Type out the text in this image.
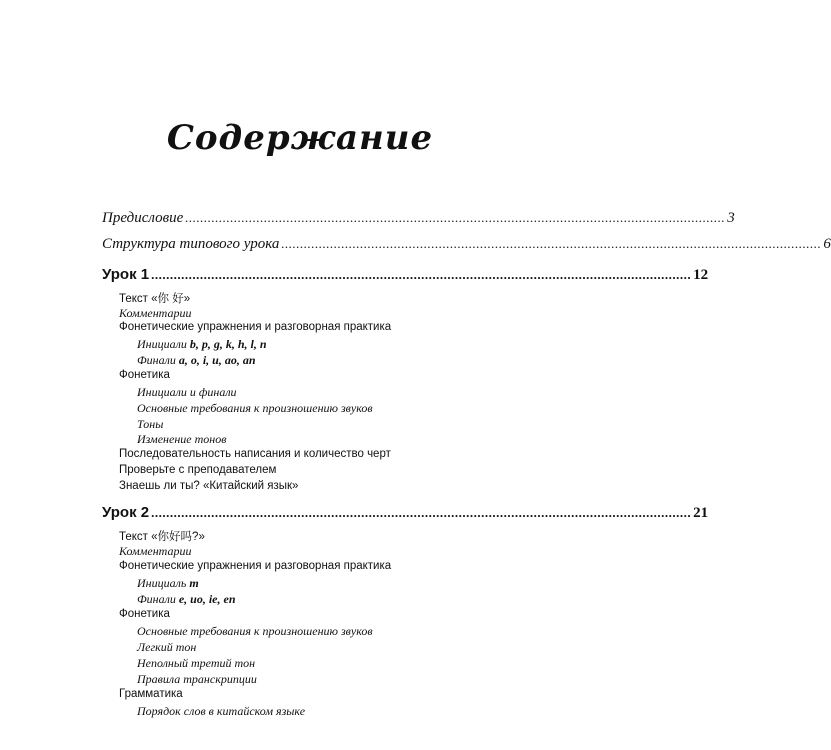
Содержание
Предисловие ................................................................................................................................................ 3
Структура типового урока ................................................................................................................................................ 6
Урок 1 ................................................................................................................................................ 12
Текст «你 好»
Комментарии
Фонетические упражнения и разговорная практика
Инициали b, p, g, k, h, l, n
Финали a, o, i, u, ao, an
Фонетика
Инициали и финали
Основные требования к произношению звуков
Тоны
Изменение тонов
Последовательность написания и количество черт
Проверьте с преподавателем
Знаешь ли ты? «Китайский язык»
Урок 2 ................................................................................................................................................ 21
Текст «你好吗?»
Комментарии
Фонетические упражнения и разговорная практика
Инициаль m
Финали e, uo, ie, en
Фонетика
Основные требования к произношению звуков
Легкий тон
Неполный третий тон
Правила транскрипции
Грамматика
Порядок слов в китайском языке
